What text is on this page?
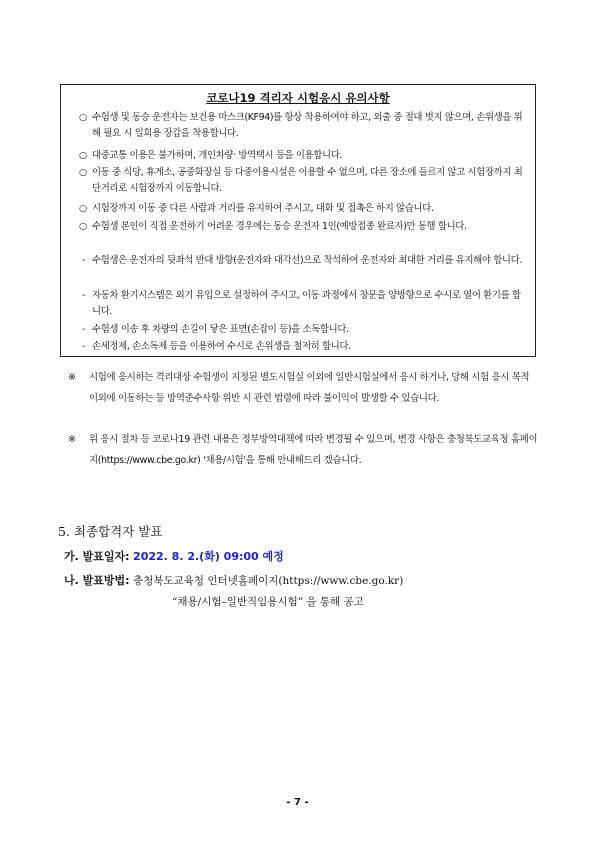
코로나19 격리자 시험응시 유의사항
○ 수험생 및 동승 운전자는 보건용 마스크(KF94)를 항상 착용하여야 하고, 외출 중 절대 벗지 않으며, 손위생을 위해 필요 시 일회용 장갑을 착용합니다.
○ 대중교통 이용은 불가하며, 개인차량· 방역택시 등을 이용합니다.
○ 이동 중 식당, 휴게소, 공중화장실 등 다중이용시설은 이용할 수 없으며, 다른 장소에 들르지 않고 시험장까지 최단거리로 시험장까지 이동합니다.
○ 시험장까지 이동 중 다른 사람과 거리를 유지하여 주시고, 대화 및 접촉은 하지 않습니다.
○ 수험생 본인이 직접 운전하기 어려운 경우에는 동승 운전자 1인(예방접종 완료자)만 동행 합니다.
- 수험생은 운전자의 뒷좌석 반대 방향(운전자와 대각선)으로 착석하여 운전자와 최대한 거리를 유지해야 합니다.
- 자동차 환기시스템은 외기 유입으로 설정하여 주시고, 이동 과정에서 창문을 양방향으로 수시로 열어 환기를 합니다.
- 수험생 이송 후 차량의 손길이 닿은 표면(손잡이 등)을 소독합니다.
- 손세정제, 손소독제 등을 이용하여 수시로 손위생을 철저히 합니다.
※ 시험에 응시하는 격리대상 수험생이 지정된 별도시험실 이외에 일반시험실에서 응시 하거나, 당해 시험 응시 목적 이외에 이동하는 등 방역준수사항 위반 시 관련 법령에 따라 불이익이 발생할 수 있습니다.
※ 위 응시 절차 등 코로나19 관련 내용은 정부방역대책에 따라 변경될 수 있으며, 변경 사항은 충청북도교육청 홈페이지(https://www.cbe.go.kr) '채용/시험'을 통해 안내해드리 겠습니다.
5. 최종합격자 발표
가. 발표일자: 2022. 8. 2.(화) 09:00 예정
나. 발표방법: 충청북도교육청 인터넷홈페이지(https://www.cbe.go.kr)
“채용/시험–일반직임용시험” 을 통해 공고
- 7 -
